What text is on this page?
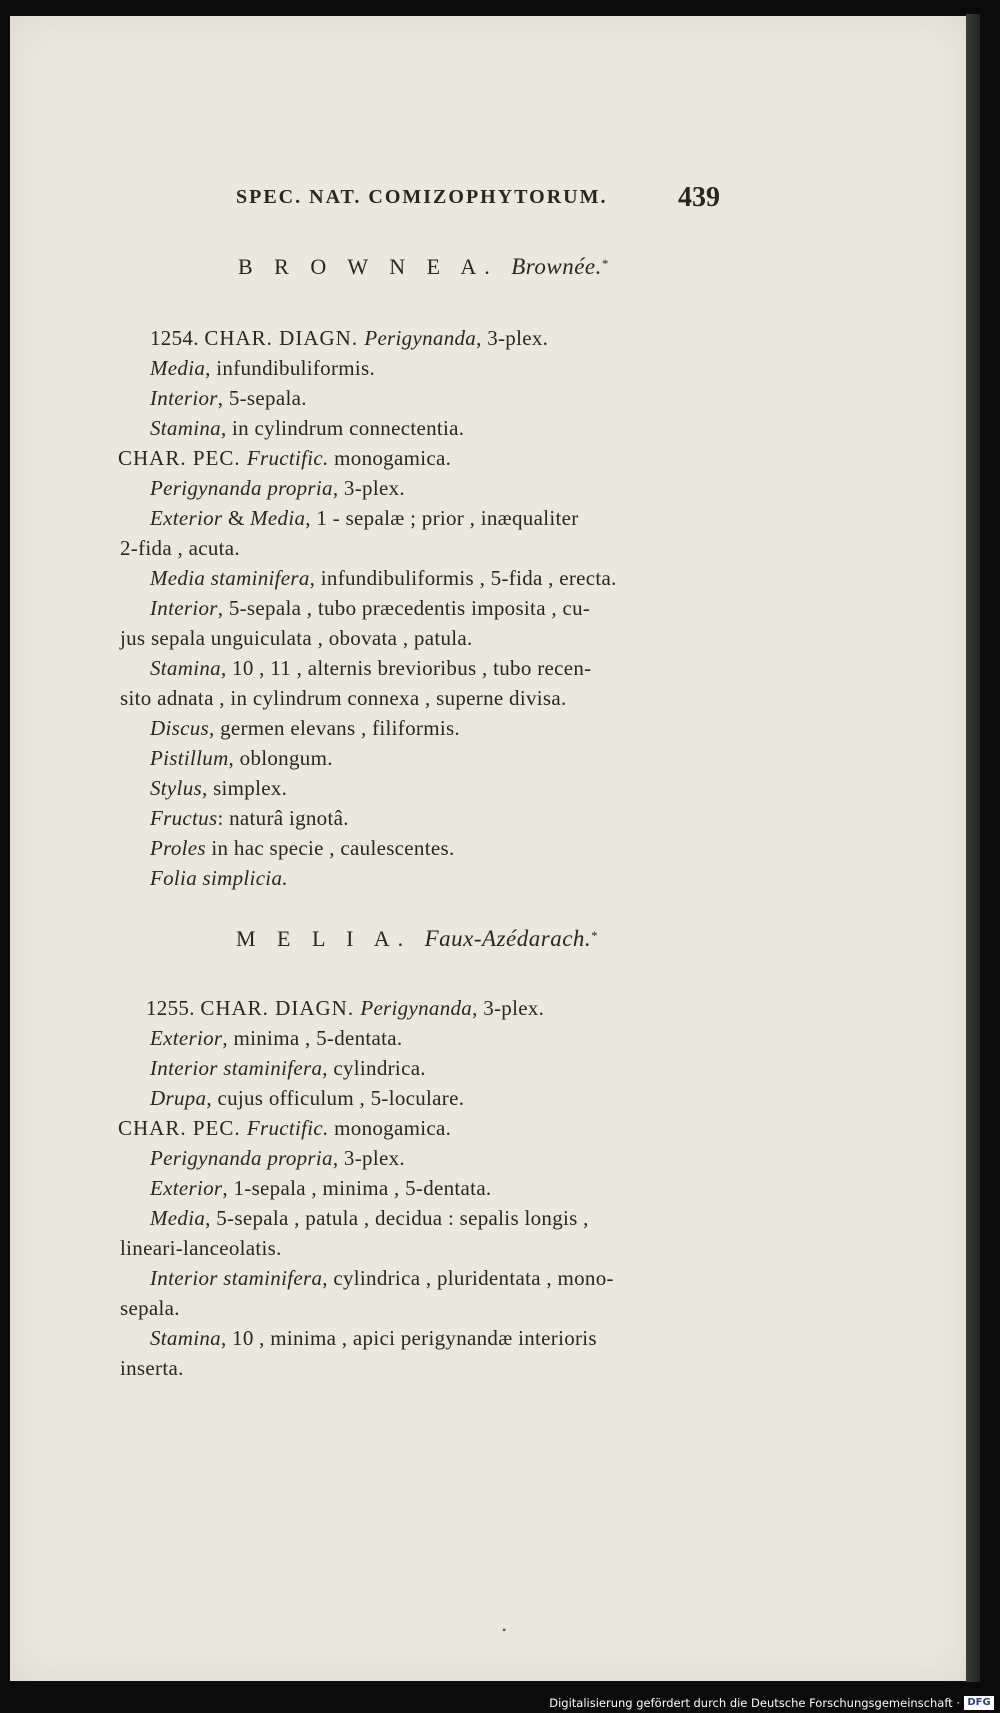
SPEC. NAT. COMIZOPHYTORUM.	439
B R O W N E A. Brownée.*
1254. CHAR. DIAGN. Perigynanda, 3-plex.
Media, infundibuliformis.
Interior, 5-sepala.
Stamina, in cylindrum connectentia.
CHAR. PEC. Fructific. monogamica.
Perigynanda propria, 3-plex.
Exterior & Media, 1 - sepalæ ; prior , inæqualiter
2-fida , acuta.
Media staminifera, infundibuliformis , 5-fida , erecta.
Interior, 5-sepala , tubo præcedentis imposita , cu-
jus sepala unguiculata , obovata , patula.
Stamina, 10 , 11 , alternis brevioribus , tubo recen-
sito adnata , in cylindrum connexa , superne divisa.
Discus, germen elevans , filiformis.
Pistillum, oblongum.
Stylus, simplex.
Fructus: naturâ ignotâ.
Proles in hac specie , caulescentes.
Folia simplicia.
M E L I A. Faux-Azédarach.*
1255. CHAR. DIAGN. Perigynanda, 3-plex.
Exterior, minima , 5-dentata.
Interior staminifera, cylindrica.
Drupa, cujus officulum , 5-loculare.
CHAR. PEC. Fructific. monogamica.
Perigynanda propria, 3-plex.
Exterior, 1-sepala , minima , 5-dentata.
Media, 5-sepala , patula , decidua : sepalis longis ,
lineari-lanceolatis.
Interior staminifera, cylindrica , pluridentata , mono-
sepala.
Stamina, 10 , minima , apici perigynandæ interioris
inserta.
•
Digitalisierung gefördert durch die Deutsche Forschungsgemeinschaft · DFG
